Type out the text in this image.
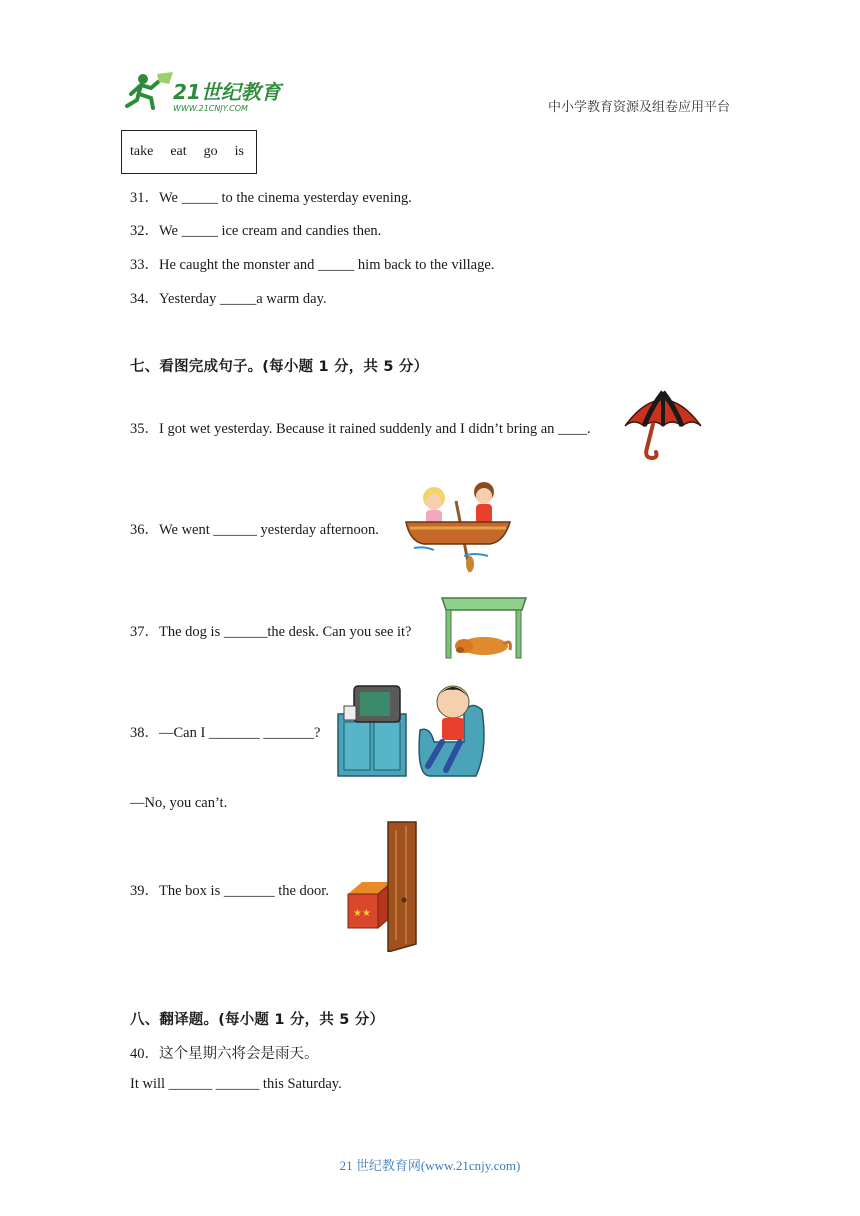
21世纪教育
WWW.21CNJY.COM	中小学教育资源及组卷应用平台
take eat go is
31．We _____ to the cinema yesterday evening.
32．We _____ ice cream and candies then.
33．He caught the monster and _____ him back to the village.
34．Yesterday _____a warm day.
七、看图完成句子。(每小题 1 分，共 5 分）
35．I got wet yesterday. Because it rained suddenly and I didn’t bring an ____.
36．We went ______ yesterday afternoon.
37．The dog is ______the desk. Can you see it?
38．—Can I _______ _______?
—No, you can’t.
39．The box is _______ the door.
★★
八、翻译题。(每小题 1 分，共 5 分）
40．这个星期六将会是雨天。
It will ______ ______ this Saturday.
21 世纪教育网(www.21cnjy.com)
